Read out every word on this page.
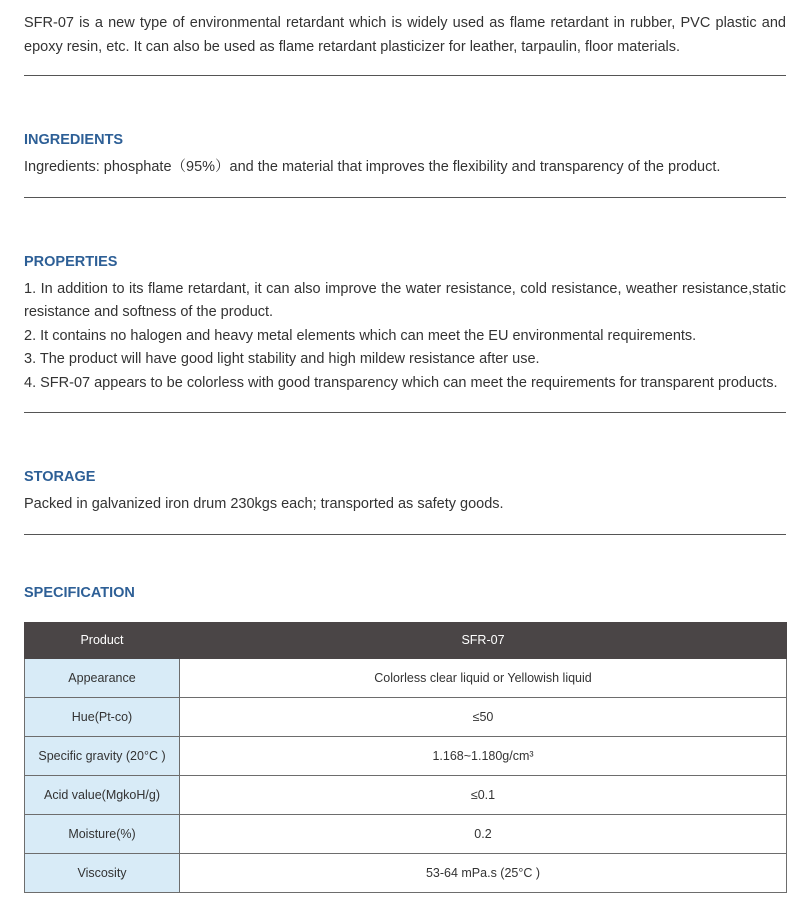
SFR-07 is a new type of environmental retardant which is widely used as flame retardant in rubber, PVC plastic and epoxy resin, etc. It can also be used as flame retardant plasticizer for leather, tarpaulin, floor materials.

INGREDIENTS

Ingredients: phosphate（95%）and the material that improves the flexibility and transparency of the product.

PROPERTIES
1. In addition to its flame retardant, it can also improve the water resistance, cold resistance, weather resistance,static resistance and softness of the product.
2. It contains no halogen and heavy metal elements which can meet the EU environmental requirements.
3. The product will have good light stability and high mildew resistance after use.
4. SFR-07 appears to be colorless with good transparency which can meet the requirements for transparent products.
STORAGE

Packed in galvanized iron drum 230kgs each; transported as safety goods.

SPECIFICATION
Product	SFR-07
Appearance	Colorless clear liquid or Yellowish liquid
Hue(Pt-co)	≤50
Specific gravity (20°C )	1.168~1.180g/cm³
Acid value(MgkoH/g)	≤0.1
Moisture(%)	0.2
Viscosity	53-64 mPa.s (25°C )
